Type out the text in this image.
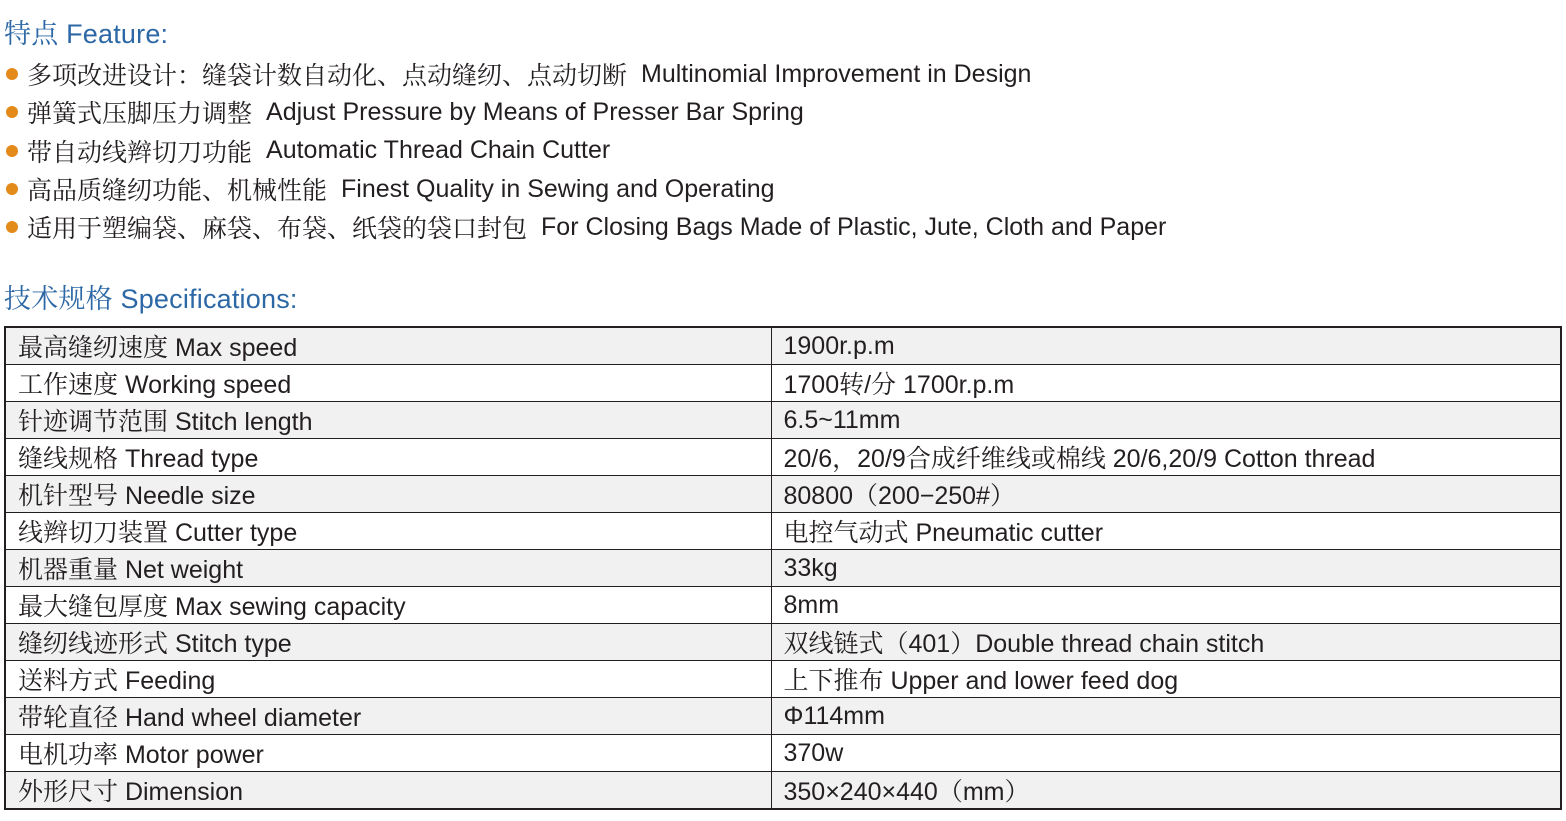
特点 Feature:
多项改进设计：缝袋计数自动化、点动缝纫、点动切断 Multinomial Improvement in Design
弹簧式压脚压力调整 Adjust Pressure by Means of Presser Bar Spring
带自动线辫切刀功能 Automatic Thread Chain Cutter
高品质缝纫功能、机械性能 Finest Quality in Sewing and Operating
适用于塑编袋、麻袋、布袋、纸袋的袋口封包 For Closing Bags Made of Plastic, Jute, Cloth and Paper
技术规格 Specifications:
最高缝纫速度 Max speed	1900r.p.m
工作速度 Working speed	1700转/分 1700r.p.m
针迹调节范围 Stitch length	6.5~11mm
缝线规格 Thread type	20/6，20/9合成纤维线或棉线 20/6,20/9 Cotton thread
机针型号 Needle size	80800（200−250#）
线辫切刀装置 Cutter type	电控气动式 Pneumatic cutter
机器重量 Net weight	33kg
最大缝包厚度 Max sewing capacity	8mm
缝纫线迹形式 Stitch type	双线链式（401）Double thread chain stitch
送料方式 Feeding	上下推布 Upper and lower feed dog
带轮直径 Hand wheel diameter	Φ114mm
电机功率 Motor power	370w
外形尺寸 Dimension	350×240×440（mm）
